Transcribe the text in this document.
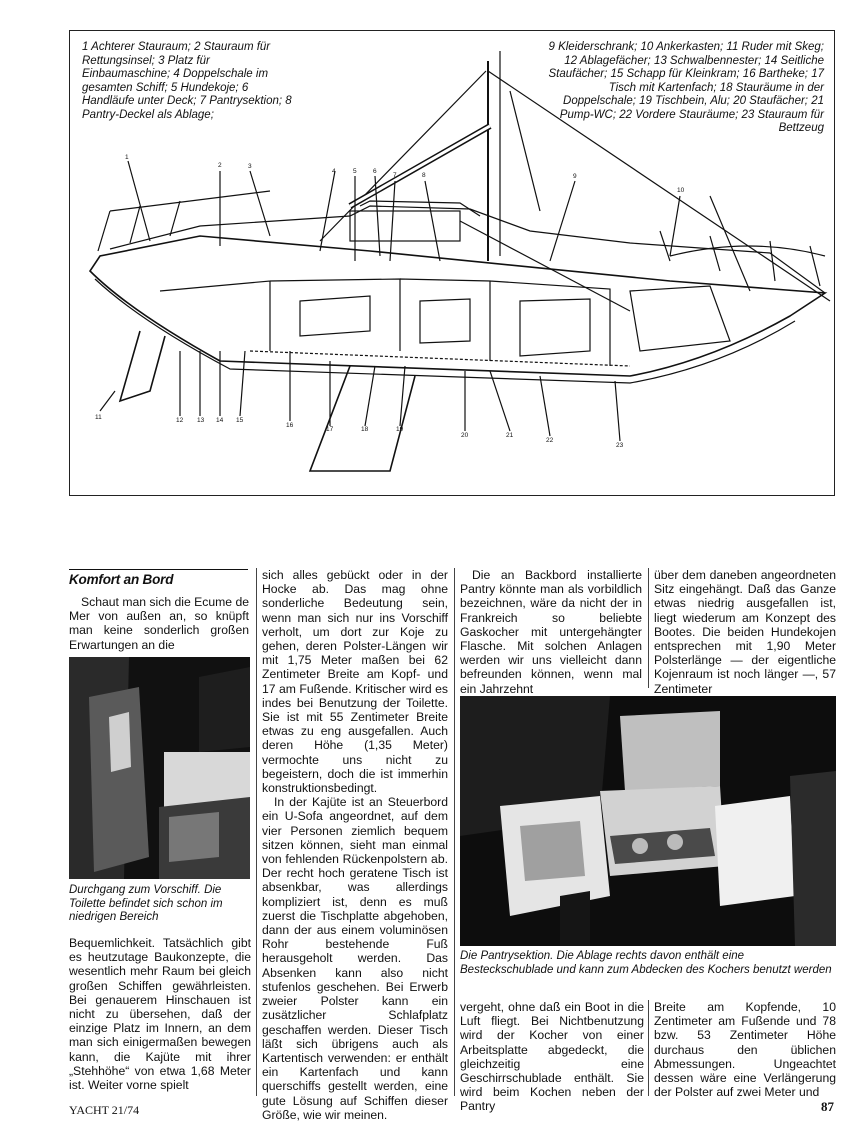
1 Achterer Stauraum; 2 Stauraum für Rettungsinsel; 3 Platz für Einbaumaschine; 4 Doppelschale im gesamten Schiff; 5 Hundekoje; 6 Handläufe unter Deck; 7 Pantrysektion; 8 Pantry-Deckel als Ablage;
9 Kleiderschrank; 10 Ankerkasten; 11 Ruder mit Skeg; 12 Ablagefächer; 13 Schwalbennester; 14 Seitliche Staufächer; 15 Schapp für Kleinkram; 16 Bartheke; 17 Tisch mit Kartenfach; 18 Stauräume in der Doppelschale; 19 Tischbein, Alu; 20 Staufächer; 21 Pump-WC; 22 Vordere Stauräume; 23 Stauraum für Bettzeug
1
2	3
4	5	6
7	8	9
10
11	12 13 14 15
16
17	18	19
20	21
22
23
Komfort an Bord

Schaut man sich die Ecume de Mer von außen an, so knüpft man keine sonderlich großen Erwartungen an die

Durchgang zum Vorschiff. Die Toilette befindet sich schon im niedrigen Bereich

Bequemlichkeit. Tatsächlich gibt es heutzutage Baukonzepte, die wesentlich mehr Raum bei gleich großen Schiffen gewährleisten. Bei genauerem Hinschauen ist nicht zu übersehen, daß der einzige Platz im Innern, an dem man sich einigermaßen bewegen kann, die Kajüte mit ihrer „Stehhöhe“ von etwa 1,68 Meter ist. Weiter vorne spielt

sich alles gebückt oder in der Hocke ab. Das mag ohne sonderliche Bedeutung sein, wenn man sich nur ins Vorschiff verholt, um dort zur Koje zu gehen, deren Polster-Längen wir mit 1,75 Meter maßen bei 62 Zentimeter Breite am Kopf- und 17 am Fußende. Kritischer wird es indes bei Benutzung der Toilette. Sie ist mit 55 Zentimeter Breite etwas zu eng ausgefallen. Auch deren Höhe (1,35 Meter) vermochte uns nicht zu begeistern, doch die ist immerhin konstruktionsbedingt.

In der Kajüte ist an Steuerbord ein U-Sofa angeordnet, auf dem vier Personen ziemlich bequem sitzen können, sieht man einmal von fehlenden Rückenpolstern ab. Der recht hoch geratene Tisch ist absenkbar, was allerdings kompliziert ist, denn es muß zuerst die Tischplatte abgehoben, dann der aus einem voluminösen Rohr bestehende Fuß herausgeholt werden. Das Absenken kann also nicht stufenlos geschehen. Bei Erwerb zweier Polster kann ein zusätzlicher Schlafplatz geschaffen werden. Dieser Tisch läßt sich übrigens auch als Kartentisch verwenden: er enthält ein Kartenfach und kann querschiffs gestellt werden, eine gute Lösung auf Schiffen dieser Größe, wie wir meinen.

Die an Backbord installierte Pantry könnte man als vorbildlich bezeichnen, wäre da nicht der in Frankreich so beliebte Gaskocher mit untergehängter Flasche. Mit solchen Anlagen werden wir uns vielleicht dann befreunden können, wenn mal ein Jahrzehnt

über dem daneben angeordneten Sitz eingehängt. Daß das Ganze etwas niedrig ausgefallen ist, liegt wiederum am Konzept des Bootes. Die beiden Hundekojen entsprechen mit 1,90 Meter Polsterlänge — der eigentliche Kojenraum ist noch länger —, 57 Zentimeter

Die Pantrysektion. Die Ablage rechts davon enthält eine Besteckschublade und kann zum Abdecken des Kochers benutzt werden

vergeht, ohne daß ein Boot in die Luft fliegt. Bei Nichtbenutzung wird der Kocher von einer Arbeitsplatte abgedeckt, die gleichzeitig eine Geschirrschublade enthält. Sie wird beim Kochen neben der Pantry

Breite am Kopfende, 10 Zentimeter am Fußende und 78 bzw. 53 Zentimeter Höhe durchaus den üblichen Abmessungen. Ungeachtet dessen wäre eine Verlängerung der Polster auf zwei Meter und

YACHT 21/74	87
